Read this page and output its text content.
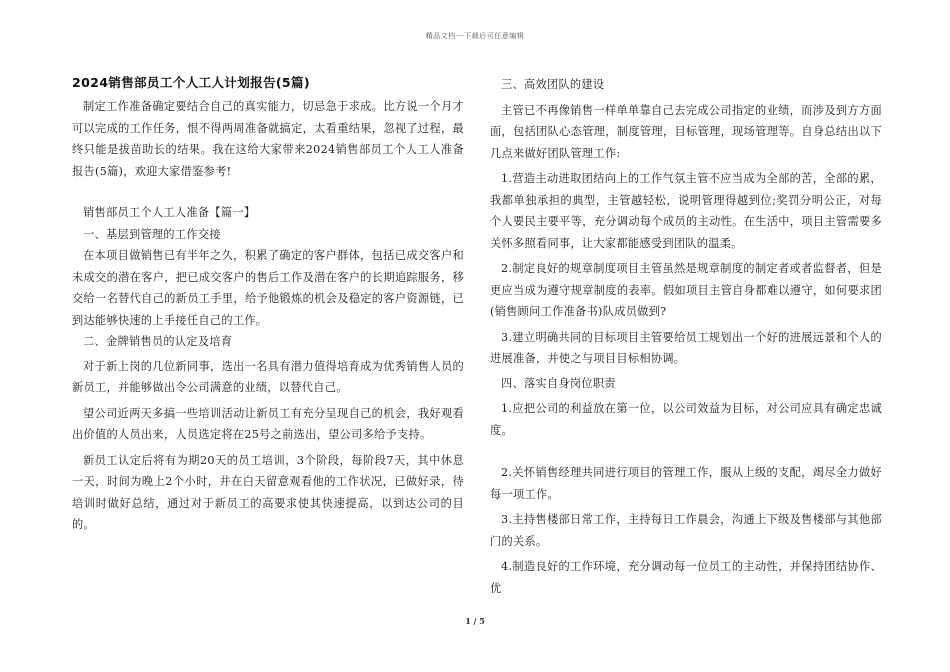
精品文档---下载后可任意编辑
2024销售部员工个人工人计划报告(5篇)

制定工作准备确定要结合自己的真实能力，切忌急于求成。比方说一个月才可以完成的工作任务，恨不得两周准备就搞定，太看重结果，忽视了过程，最终只能是拔苗助长的结果。我在这给大家带来2024销售部员工个人工人准备报告(5篇)，欢迎大家借鉴参考!

销售部员工个人工人准备【篇一】

一、基层到管理的工作交接

在本项目做销售已有半年之久，积累了确定的客户群体，包括已成交客户和未成交的潜在客户，把已成交客户的售后工作及潜在客户的长期追踪服务，移交给一名替代自己的新员工手里，给予他锻炼的机会及稳定的客户资源链，已到达能够快速的上手接任自己的工作。

二、金牌销售员的认定及培育

对于新上岗的几位新同事，选出一名具有潜力值得培育成为优秀销售人员的新员工，并能够做出令公司满意的业绩，以替代自己。

望公司近两天多搞一些培训活动让新员工有充分呈现自己的机会，我好观看出价值的人员出来，人员选定将在25号之前选出，望公司多给予支持。

新员工认定后将有为期20天的员工培训，3个阶段，每阶段7天，其中休息一天，时间为晚上2个小时，并在白天留意观看他的工作状况，已做好录，待培训时做好总结，通过对于新员工的高要求使其快速提高，以到达公司的目的。

三、高效团队的建设

主管已不再像销售一样单单靠自己去完成公司指定的业绩，而涉及到方方面面，包括团队心态管理，制度管理，目标管理，现场管理等。自身总结出以下几点来做好团队管理工作:

1.营造主动进取团结向上的工作气氛主管不应当成为全部的苦，全部的累，我都单独承担的典型，主管越轻松，说明管理得越到位;奖罚分明公正，对每个人要民主要平等，充分调动每个成员的主动性。在生活中，项目主管需要多关怀多照看同事，让大家都能感受到团队的温柔。

2.制定良好的规章制度项目主管虽然是规章制度的制定者或者监督者，但是更应当成为遵守规章制度的表率。假如项目主管自身都难以遵守，如何要求团(销售顾问工作准备书)队成员做到?

3.建立明确共同的目标项目主管要给员工规划出一个好的进展远景和个人的进展准备，并使之与项目目标相协调。

四、落实自身岗位职责

1.应把公司的利益放在第一位，以公司效益为目标，对公司应具有确定忠诚度。

2.关怀销售经理共同进行项目的管理工作，服从上级的支配，竭尽全力做好每一项工作。

3.主持售楼部日常工作，主持每日工作晨会，沟通上下级及售楼部与其他部门的关系。

4.制造良好的工作环境，充分调动每一位员工的主动性，并保持团结协作、优

1 / 5
